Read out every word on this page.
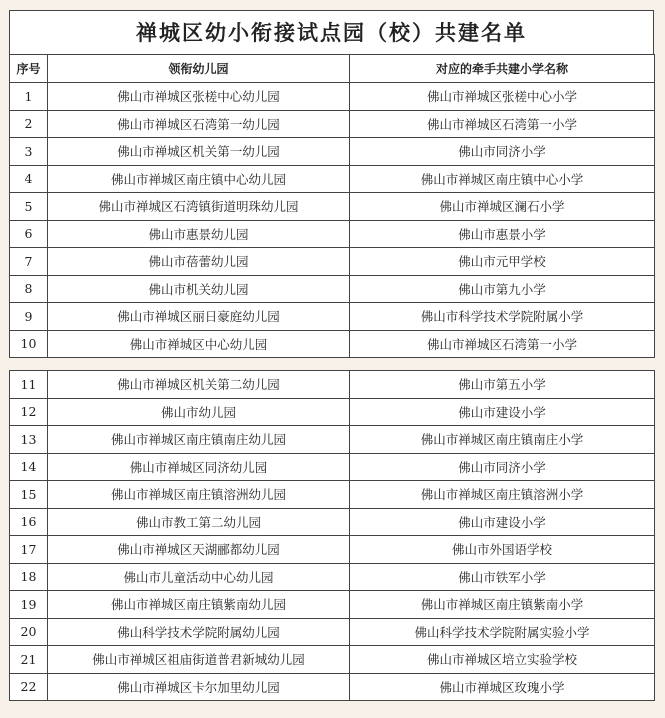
禅城区幼小衔接试点园（校）共建名单
序号	领衔幼儿园	对应的牵手共建小学名称
1	佛山市禅城区张槎中心幼儿园	佛山市禅城区张槎中心小学
2	佛山市禅城区石湾第一幼儿园	佛山市禅城区石湾第一小学
3	佛山市禅城区机关第一幼儿园	佛山市同济小学
4	佛山市禅城区南庄镇中心幼儿园	佛山市禅城区南庄镇中心小学
5	佛山市禅城区石湾镇街道明珠幼儿园	佛山市禅城区澜石小学
6	佛山市惠景幼儿园	佛山市惠景小学
7	佛山市蓓蕾幼儿园	佛山市元甲学校
8	佛山市机关幼儿园	佛山市第九小学
9	佛山市禅城区丽日豪庭幼儿园	佛山市科学技术学院附属小学
10	佛山市禅城区中心幼儿园	佛山市禅城区石湾第一小学
11	佛山市禅城区机关第二幼儿园	佛山市第五小学
12	佛山市幼儿园	佛山市建设小学
13	佛山市禅城区南庄镇南庄幼儿园	佛山市禅城区南庄镇南庄小学
14	佛山市禅城区同济幼儿园	佛山市同济小学
15	佛山市禅城区南庄镇溶洲幼儿园	佛山市禅城区南庄镇溶洲小学
16	佛山市教工第二幼儿园	佛山市建设小学
17	佛山市禅城区天湖郦都幼儿园	佛山市外国语学校
18	佛山市儿童活动中心幼儿园	佛山市铁军小学
19	佛山市禅城区南庄镇紫南幼儿园	佛山市禅城区南庄镇紫南小学
20	佛山科学技术学院附属幼儿园	佛山科学技术学院附属实验小学
21	佛山市禅城区祖庙街道普君新城幼儿园	佛山市禅城区培立实验学校
22	佛山市禅城区卡尔加里幼儿园	佛山市禅城区玫瑰小学
